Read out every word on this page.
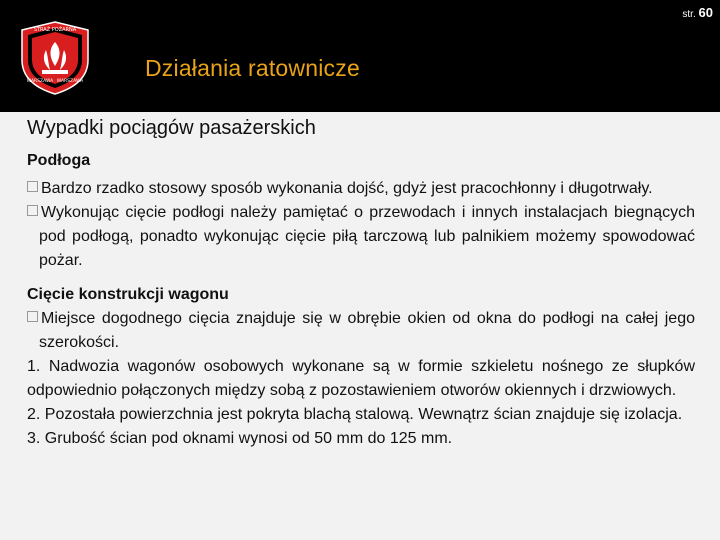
str. 60
STRAŻ POŻARNA
WARSZAWA WARSZAWA
Działania ratownicze
Wypadki pociągów pasażerskich
Podłoga
Bardzo rzadko stosowy sposób wykonania dojść, gdyż jest pracochłonny i długotrwały.
Wykonując cięcie podłogi należy pamiętać o przewodach i innych instalacjach biegnących pod podłogą, ponadto wykonując cięcie piłą tarczową lub palnikiem możemy spowodować pożar.
Cięcie konstrukcji wagonu
Miejsce dogodnego cięcia znajduje się w obrębie okien od okna do podłogi na całej jego szerokości.
1. Nadwozia wagonów osobowych wykonane są w formie szkieletu nośnego ze słupków odpowiednio połączonych między sobą z pozostawieniem otworów okiennych i drzwiowych.
2. Pozostała powierzchnia jest pokryta blachą stalową. Wewnątrz ścian znajduje się izolacja.
3. Grubość ścian pod oknami wynosi od 50 mm do 125 mm.
